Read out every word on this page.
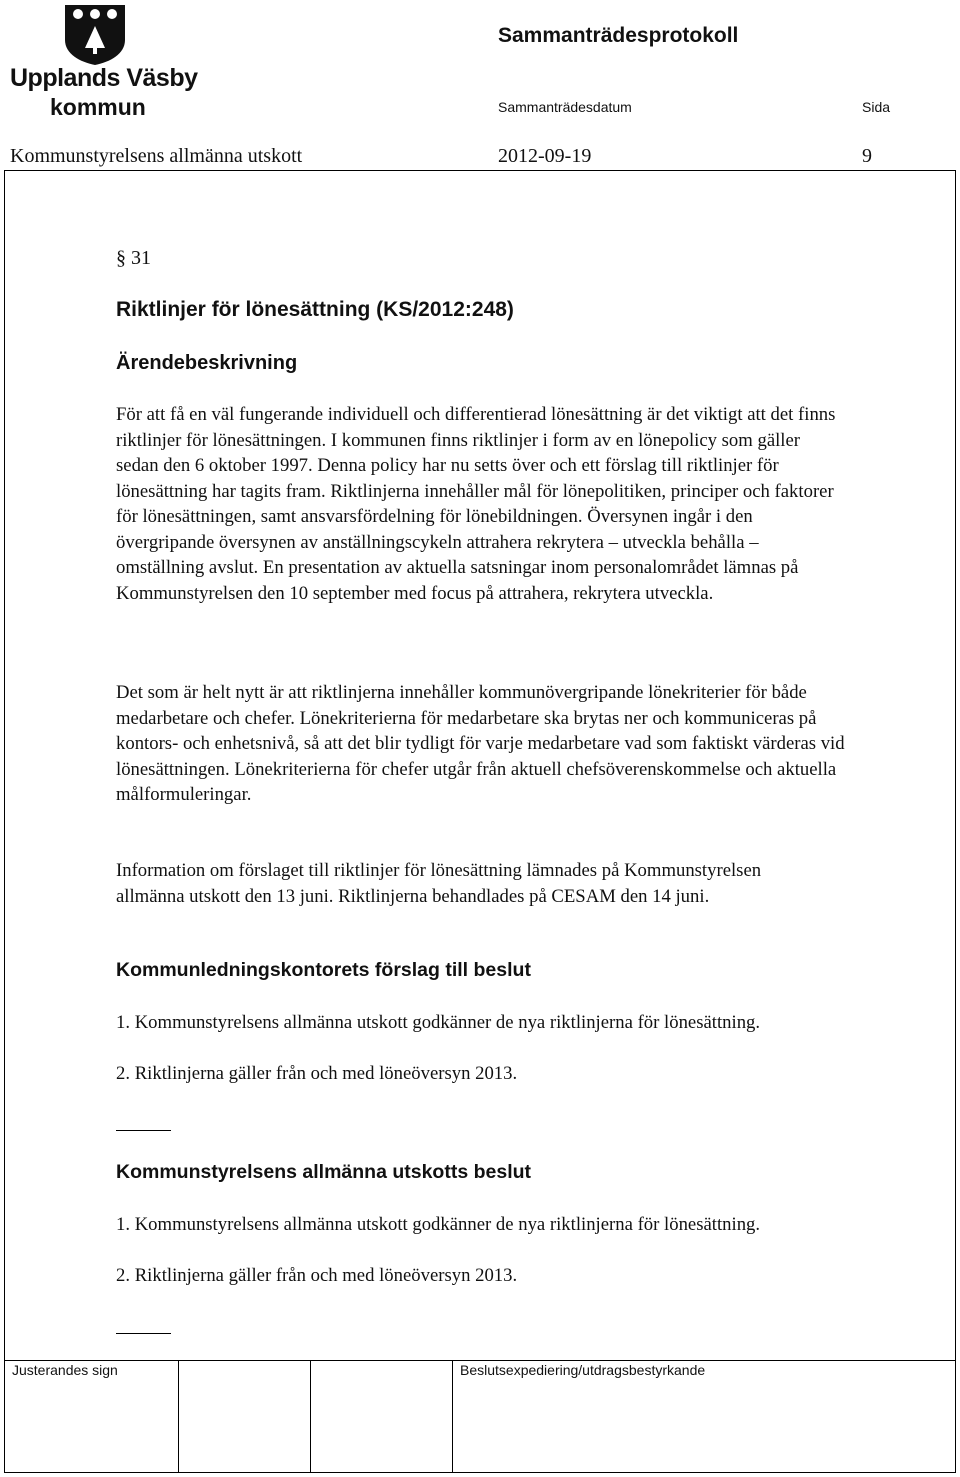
Upplands Väsby
kommun
Sammanträdesprotokoll
Sammanträdesdatum	Sida
Kommunstyrelsens allmänna utskott	2012-09-19	9
§ 31
Riktlinjer för lönesättning (KS/2012:248)
Ärendebeskrivning

För att få en väl fungerande individuell och differentierad lönesättning är det viktigt att det finns riktlinjer för lönesättningen. I kommunen finns riktlinjer i form av en lönepolicy som gäller sedan den 6 oktober 1997. Denna policy har nu setts över och ett förslag till riktlinjer för lönesättning har tagits fram. Riktlinjerna innehåller mål för lönepolitiken, principer och faktorer för lönesättningen, samt ansvarsfördelning för lönebildningen. Översynen ingår i den övergripande översynen av anställningscykeln attrahera rekrytera – utveckla behålla – omställning avslut. En presentation av aktuella satsningar inom personalområdet lämnas på Kommunstyrelsen den 10 september med focus på attrahera, rekrytera utveckla.

Det som är helt nytt är att riktlinjerna innehåller kommunövergripande lönekriterier för både medarbetare och chefer. Lönekriterierna för medarbetare ska brytas ner och kommuniceras på kontors- och enhetsnivå, så att det blir tydligt för varje medarbetare vad som faktiskt värderas vid lönesättningen. Lönekriterierna för chefer utgår från aktuell chefsöverenskommelse och aktuella målformuleringar.

Information om förslaget till riktlinjer för lönesättning lämnades på Kommunstyrelsen allmänna utskott den 13 juni. Riktlinjerna behandlades på CESAM den 14 juni.

Kommunledningskontorets förslag till beslut

1. Kommunstyrelsens allmänna utskott godkänner de nya riktlinjerna för lönesättning.

2. Riktlinjerna gäller från och med löneöversyn 2013.

Kommunstyrelsens allmänna utskotts beslut

1. Kommunstyrelsens allmänna utskott godkänner de nya riktlinjerna för lönesättning.

2. Riktlinjerna gäller från och med löneöversyn 2013.

Justerandes sign	Beslutsexpediering/utdragsbestyrkande
